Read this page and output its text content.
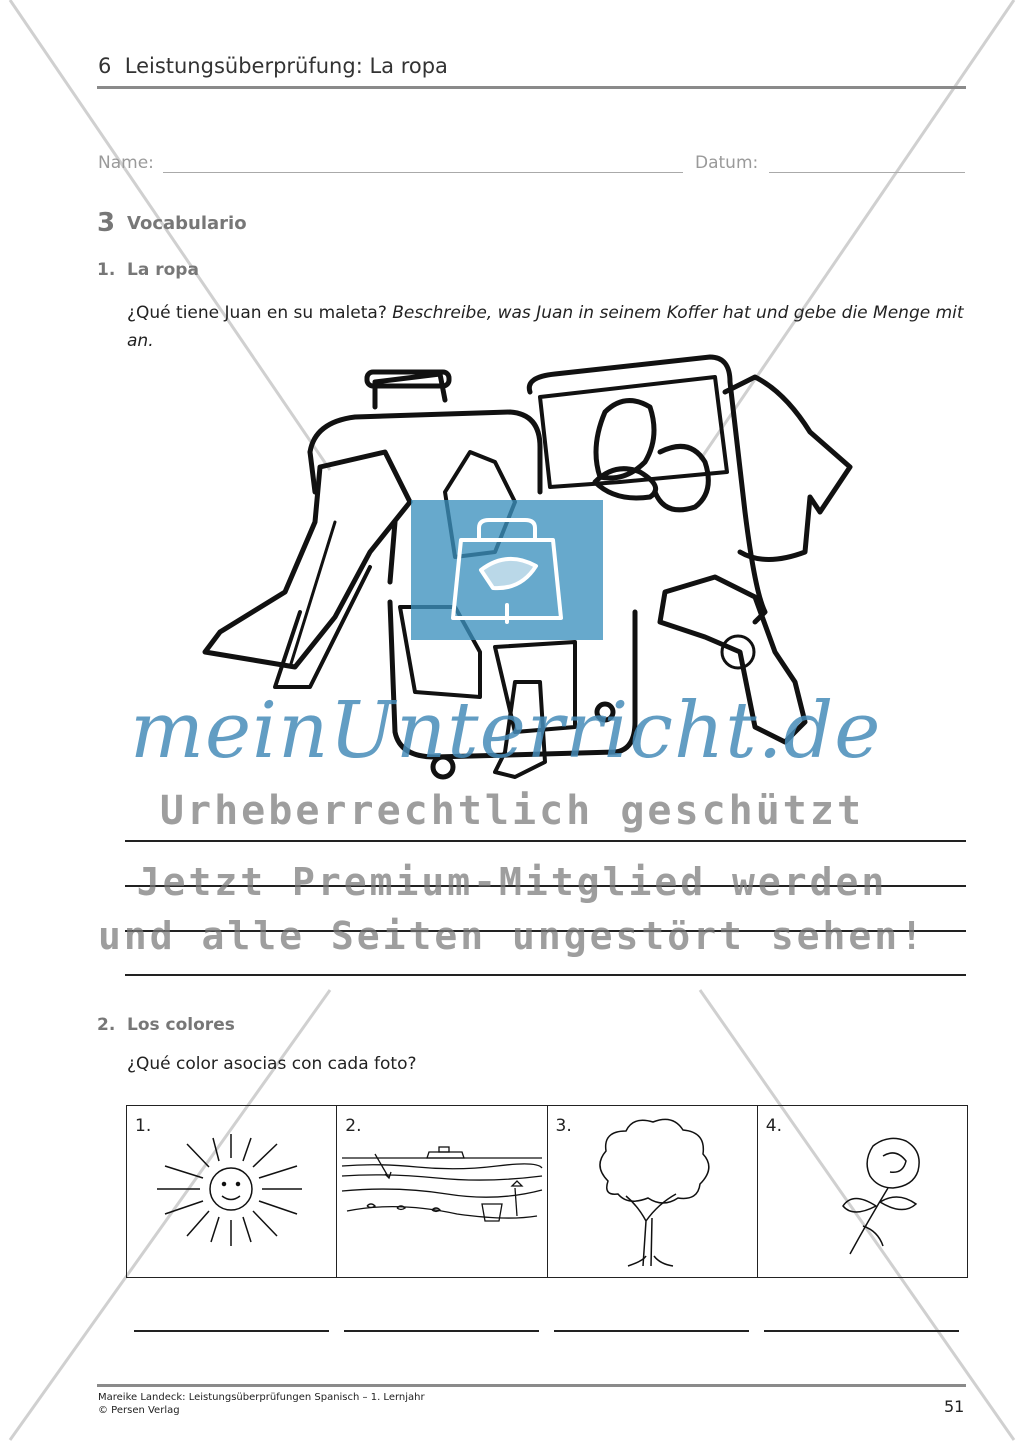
6 Leistungsüberprüfung: La ropa
Name:	Datum:
3 Vocabulario
1. La ropa
¿Qué tiene Juan en su maleta? Beschreibe, was Juan in seinem Koffer hat und gebe die Menge mit an.
meinUnterricht.de
Urheberrechtlich geschützt
Jetzt Premium-Mitglied werden
und alle Seiten ungestört sehen!
2. Los colores
¿Qué color asocias con cada foto?
1.	2.	3.	4.
Mareike Landeck: Leistungsüberprüfungen Spanisch – 1. Lernjahr
© Persen Verlag	51
